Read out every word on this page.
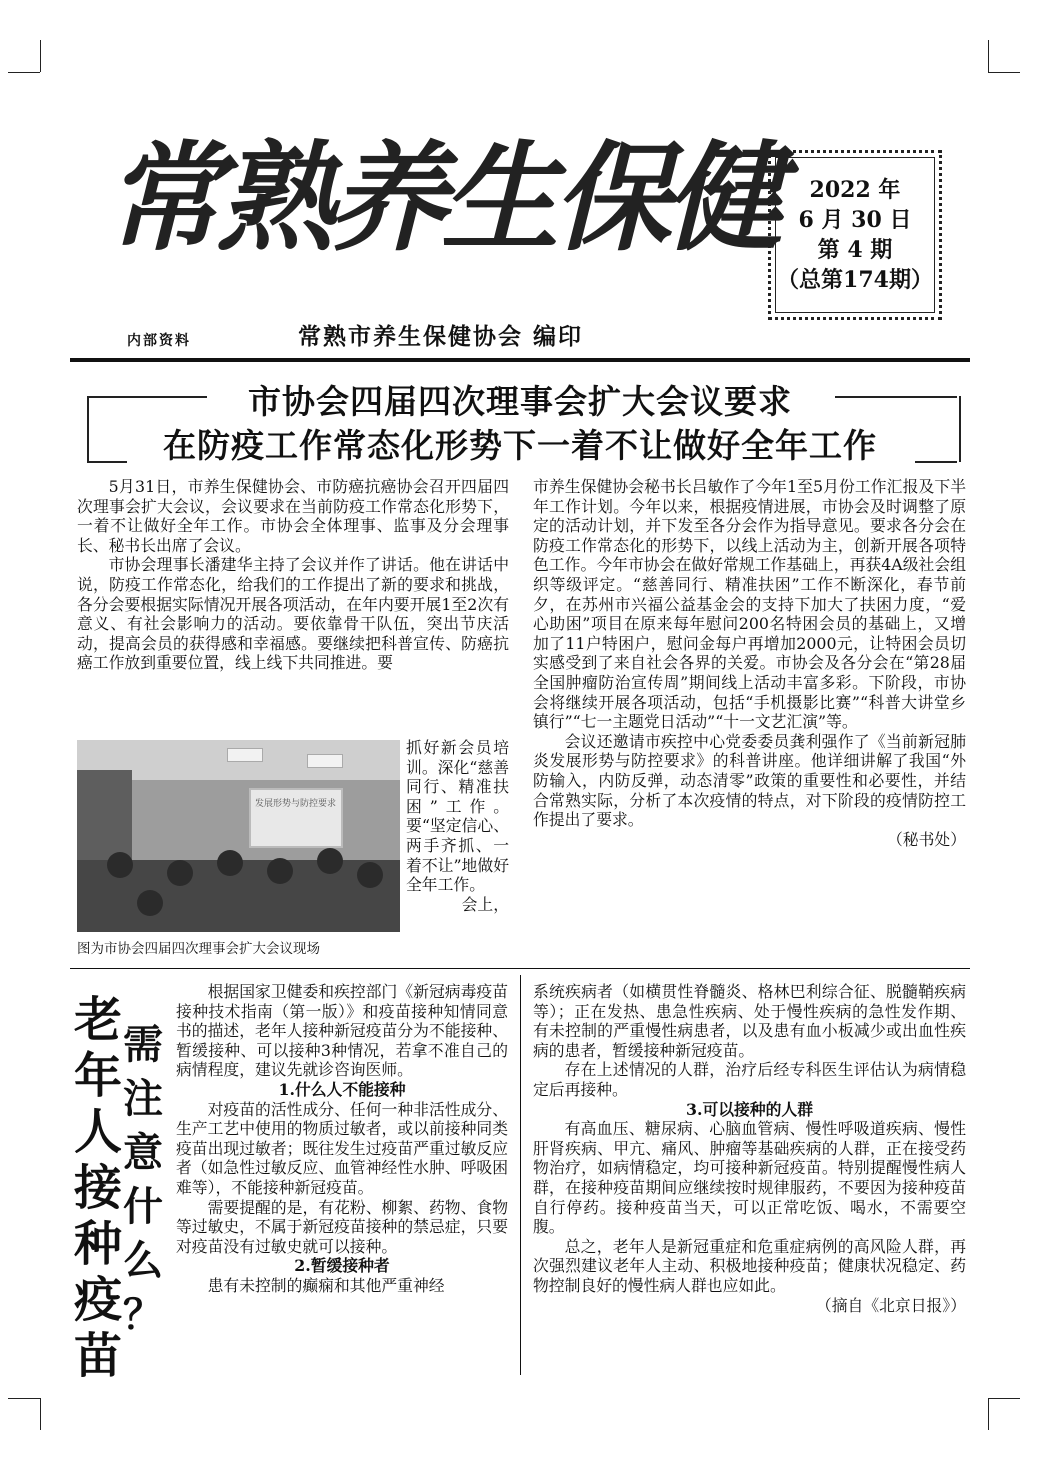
常熟养生保健 2022 年
6 月 30 日
第 4 期
（总第174期）
内部资料	常熟市养生保健协会 编印
市协会四届四次理事会扩大会议要求
在防疫工作常态化形势下一着不让做好全年工作

5月31日，市养生保健协会、市防癌抗癌协会召开四届四次理事会扩大会议，会议要求在当前防疫工作常态化形势下，一着不让做好全年工作。市协会全体理事、监事及分会理事长、秘书长出席了会议。

市协会理事长潘建华主持了会议并作了讲话。他在讲话中说，防疫工作常态化，给我们的工作提出了新的要求和挑战，各分会要根据实际情况开展各项活动，在年内要开展1至2次有意义、有社会影响力的活动。要依靠骨干队伍，突出节庆活动，提高会员的获得感和幸福感。要继续把科普宣传、防癌抗癌工作放到重要位置，线上线下共同推进。要

抓好新会员培训。深化“慈善同行、精准扶困”工作。要“坚定信心、两手齐抓、一着不让”地做好全年工作。

会上，

发展形势与防控要求
图为市协会四届四次理事会扩大会议现场

市养生保健协会秘书长吕敏作了今年1至5月份工作汇报及下半年工作计划。今年以来，根据疫情进展，市协会及时调整了原定的活动计划，并下发至各分会作为指导意见。要求各分会在防疫工作常态化的形势下，以线上活动为主，创新开展各项特色工作。今年市协会在做好常规工作基础上，再获4A级社会组织等级评定。“慈善同行、精准扶困”工作不断深化，春节前夕，在苏州市兴福公益基金会的支持下加大了扶困力度，“爱心助困”项目在原来每年慰问200名特困会员的基础上，又增加了11户特困户，慰问金每户再增加2000元，让特困会员切实感受到了来自社会各界的关爱。市协会及各分会在“第28届全国肿瘤防治宣传周”期间线上活动丰富多彩。下阶段，市协会将继续开展各项活动，包括“手机摄影比赛”“科普大讲堂乡镇行”“七一主题党日活动”“十一文艺汇演”等。

会议还邀请市疾控中心党委委员龚利强作了《当前新冠肺炎发展形势与防控要求》的科普讲座。他详细讲解了我国“外防输入，内防反弹，动态清零”政策的重要性和必要性，并结合常熟实际，分析了本次疫情的特点，对下阶段的疫情防控工作提出了要求。

（秘书处）

老
年
人
接
种
疫
苗
需
注
意
什
么
？

根据国家卫健委和疾控部门《新冠病毒疫苗接种技术指南（第一版）》和疫苗接种知情同意书的描述，老年人接种新冠疫苗分为不能接种、暂缓接种、可以接种3种情况，若拿不准自己的病情程度，建议先就诊咨询医师。

1.什么人不能接种

对疫苗的活性成分、任何一种非活性成分、生产工艺中使用的物质过敏者，或以前接种同类疫苗出现过敏者；既往发生过疫苗严重过敏反应者（如急性过敏反应、血管神经性水肿、呼吸困难等），不能接种新冠疫苗。

需要提醒的是，有花粉、柳絮、药物、食物等过敏史，不属于新冠疫苗接种的禁忌症，只要对疫苗没有过敏史就可以接种。

2.暂缓接种者

患有未控制的癫痫和其他严重神经

系统疾病者（如横贯性脊髓炎、格林巴利综合征、脱髓鞘疾病等）；正在发热、患急性疾病、处于慢性疾病的急性发作期、有未控制的严重慢性病患者，以及患有血小板减少或出血性疾病的患者，暂缓接种新冠疫苗。

存在上述情况的人群，治疗后经专科医生评估认为病情稳定后再接种。

3.可以接种的人群

有高血压、糖尿病、心脑血管病、慢性呼吸道疾病、慢性肝肾疾病、甲亢、痛风、肿瘤等基础疾病的人群，正在接受药物治疗，如病情稳定，均可接种新冠疫苗。特别提醒慢性病人群，在接种疫苗期间应继续按时规律服药，不要因为接种疫苗自行停药。接种疫苗当天，可以正常吃饭、喝水，不需要空腹。

总之，老年人是新冠重症和危重症病例的高风险人群，再次强烈建议老年人主动、积极地接种疫苗；健康状况稳定、药物控制良好的慢性病人群也应如此。

（摘自《北京日报》）
